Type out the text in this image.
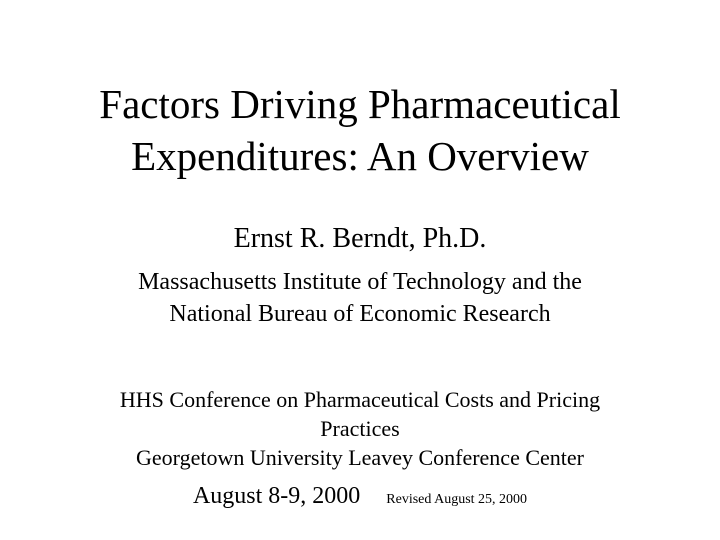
Factors Driving Pharmaceutical
Expenditures: An Overview
Ernst R. Berndt, Ph.D.
Massachusetts Institute of Technology and the
National Bureau of Economic Research
HHS Conference on Pharmaceutical Costs and Pricing
Practices
Georgetown University Leavey Conference Center
August 8-9, 2000 Revised August 25, 2000
